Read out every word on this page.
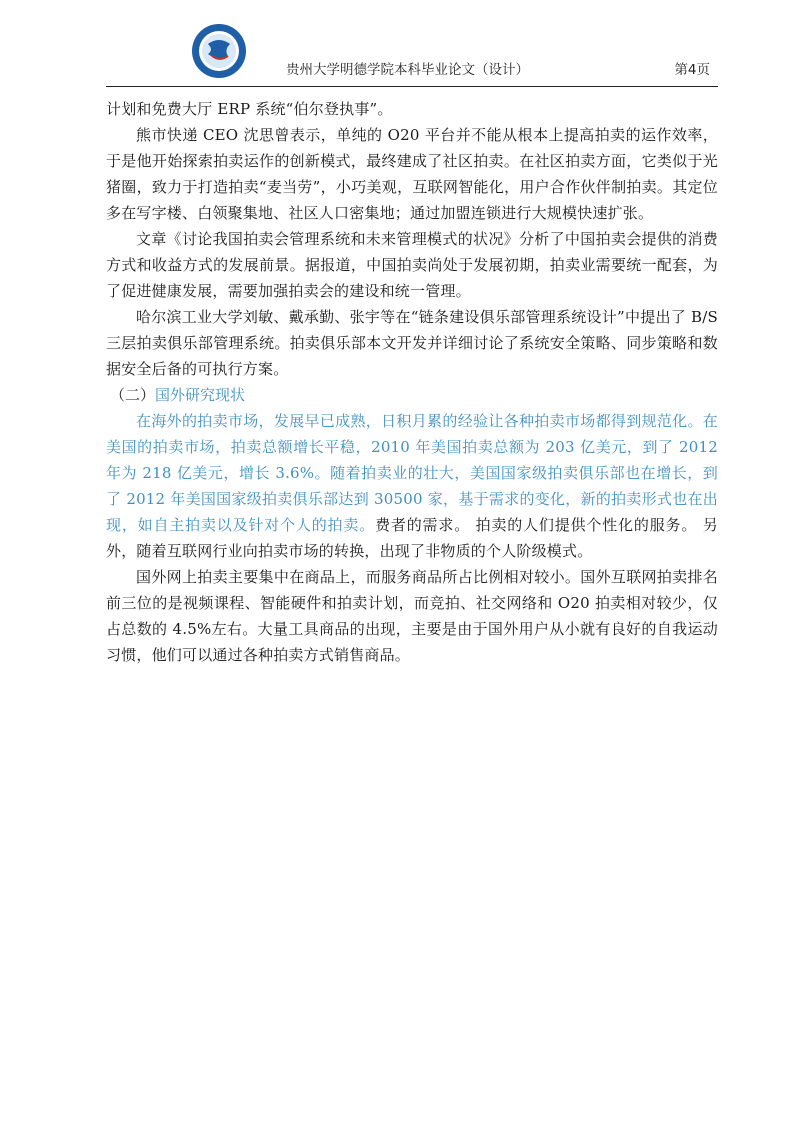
贵州大学明德学院本科毕业论文（设计）	第4页

计划和免费大厅 ERP 系统“伯尔登执事”。

熊市快递 CEO 沈思曾表示，单纯的 O20 平台并不能从根本上提高拍卖的运作效率，于是他开始探索拍卖运作的创新模式，最终建成了社区拍卖。在社区拍卖方面，它类似于光猪圈，致力于打造拍卖“麦当劳”，小巧美观，互联网智能化，用户合作伙伴制拍卖。其定位多在写字楼、白领聚集地、社区人口密集地；通过加盟连锁进行大规模快速扩张。

文章《讨论我国拍卖会管理系统和未来管理模式的状况》分析了中国拍卖会提供的消费方式和收益方式的发展前景。据报道，中国拍卖尚处于发展初期，拍卖业需要统一配套，为了促进健康发展，需要加强拍卖会的建设和统一管理。

哈尔滨工业大学刘敏、戴承勤、张宇等在“链条建设俱乐部管理系统设计”中提出了 B/S 三层拍卖俱乐部管理系统。拍卖俱乐部本文开发并详细讨论了系统安全策略、同步策略和数据安全后备的可执行方案。

（二）国外研究现状

在海外的拍卖市场，发展早已成熟，日积月累的经验让各种拍卖市场都得到规范化。在美国的拍卖市场，拍卖总额增长平稳，2010 年美国拍卖总额为 203 亿美元，到了 2012 年为 218 亿美元，增长 3.6%。随着拍卖业的壮大，美国国家级拍卖俱乐部也在增长，到了 2012 年美国国家级拍卖俱乐部达到 30500 家，基于需求的变化，新的拍卖形式也在出现，如自主拍卖以及针对个人的拍卖。费者的需求。 拍卖的人们提供个性化的服务。 另外，随着互联网行业向拍卖市场的转换，出现了非物质的个人阶级模式。

国外网上拍卖主要集中在商品上，而服务商品所占比例相对较小。国外互联网拍卖排名前三位的是视频课程、智能硬件和拍卖计划，而竞拍、社交网络和 O20 拍卖相对较少，仅占总数的 4.5%左右。大量工具商品的出现，主要是由于国外用户从小就有良好的自我运动习惯，他们可以通过各种拍卖方式销售商品。
